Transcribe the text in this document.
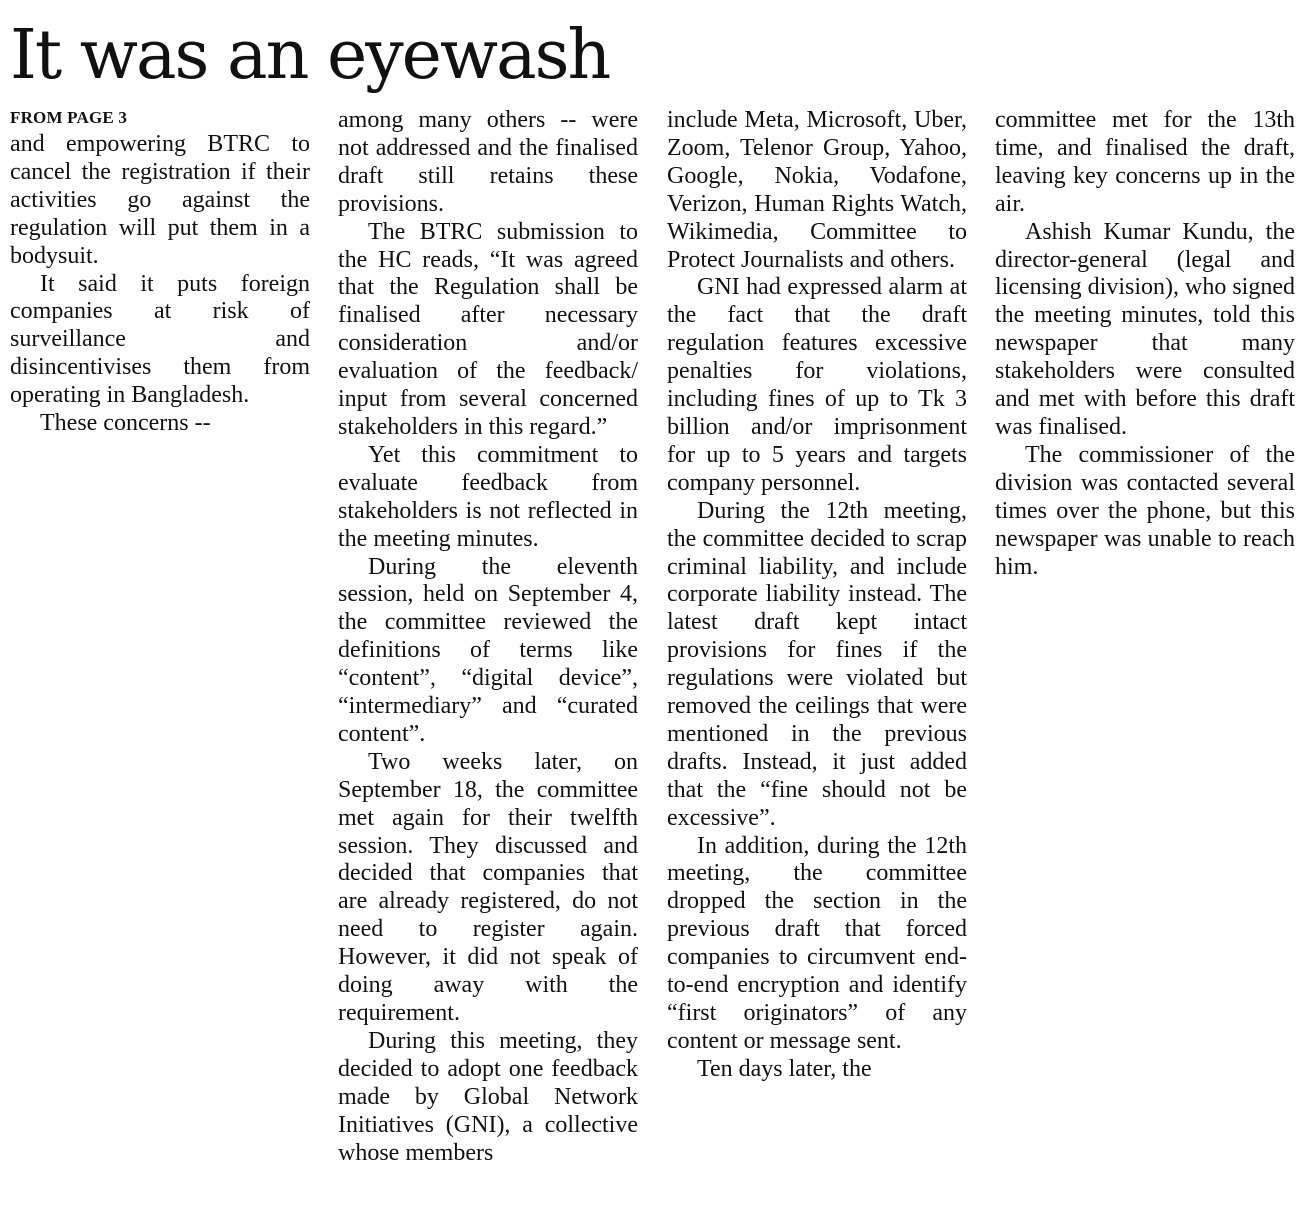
It was an eyewash
FROM PAGE 3

and empowering BTRC to cancel the registration if their activities go against the regulation will put them in a bodysuit.

It said it puts foreign companies at risk of surveillance and disincentivises them from operating in Bangladesh.

These concerns --

among many others -- were not addressed and the finalised draft still retains these provisions.

The BTRC submission to the HC reads, “It was agreed that the Regulation shall be finalised after necessary consideration and/or evaluation of the feedback/ input from several concerned stakeholders in this regard.”

Yet this commitment to evaluate feedback from stakeholders is not reflected in the meeting minutes.

During the eleventh session, held on September 4, the committee reviewed the definitions of terms like “content”, “digital device”, “intermediary” and “curated content”.

Two weeks later, on September 18, the committee met again for their twelfth session. They discussed and decided that companies that are already registered, do not need to register again. However, it did not speak of doing away with the requirement.

During this meeting, they decided to adopt one feedback made by Global Network Initiatives (GNI), a collective whose members

include Meta, Microsoft, Uber, Zoom, Telenor Group, Yahoo, Google, Nokia, Vodafone, Verizon, Human Rights Watch, Wikimedia, Committee to Protect Journalists and others.

GNI had expressed alarm at the fact that the draft regulation features excessive penalties for violations, including fines of up to Tk 3 billion and/or imprisonment for up to 5 years and targets company personnel.

During the 12th meeting, the committee decided to scrap criminal liability, and include corporate liability instead. The latest draft kept intact provisions for fines if the regulations were violated but removed the ceilings that were mentioned in the previous drafts. Instead, it just added that the “fine should not be excessive”.

In addition, during the 12th meeting, the committee dropped the section in the previous draft that forced companies to circumvent end-to-end encryption and identify “first originators” of any content or message sent.

Ten days later, the

committee met for the 13th time, and finalised the draft, leaving key concerns up in the air.

Ashish Kumar Kundu, the director-general (legal and licensing division), who signed the meeting minutes, told this newspaper that many stakeholders were consulted and met with before this draft was finalised.

The commissioner of the division was contacted several times over the phone, but this newspaper was unable to reach him.
